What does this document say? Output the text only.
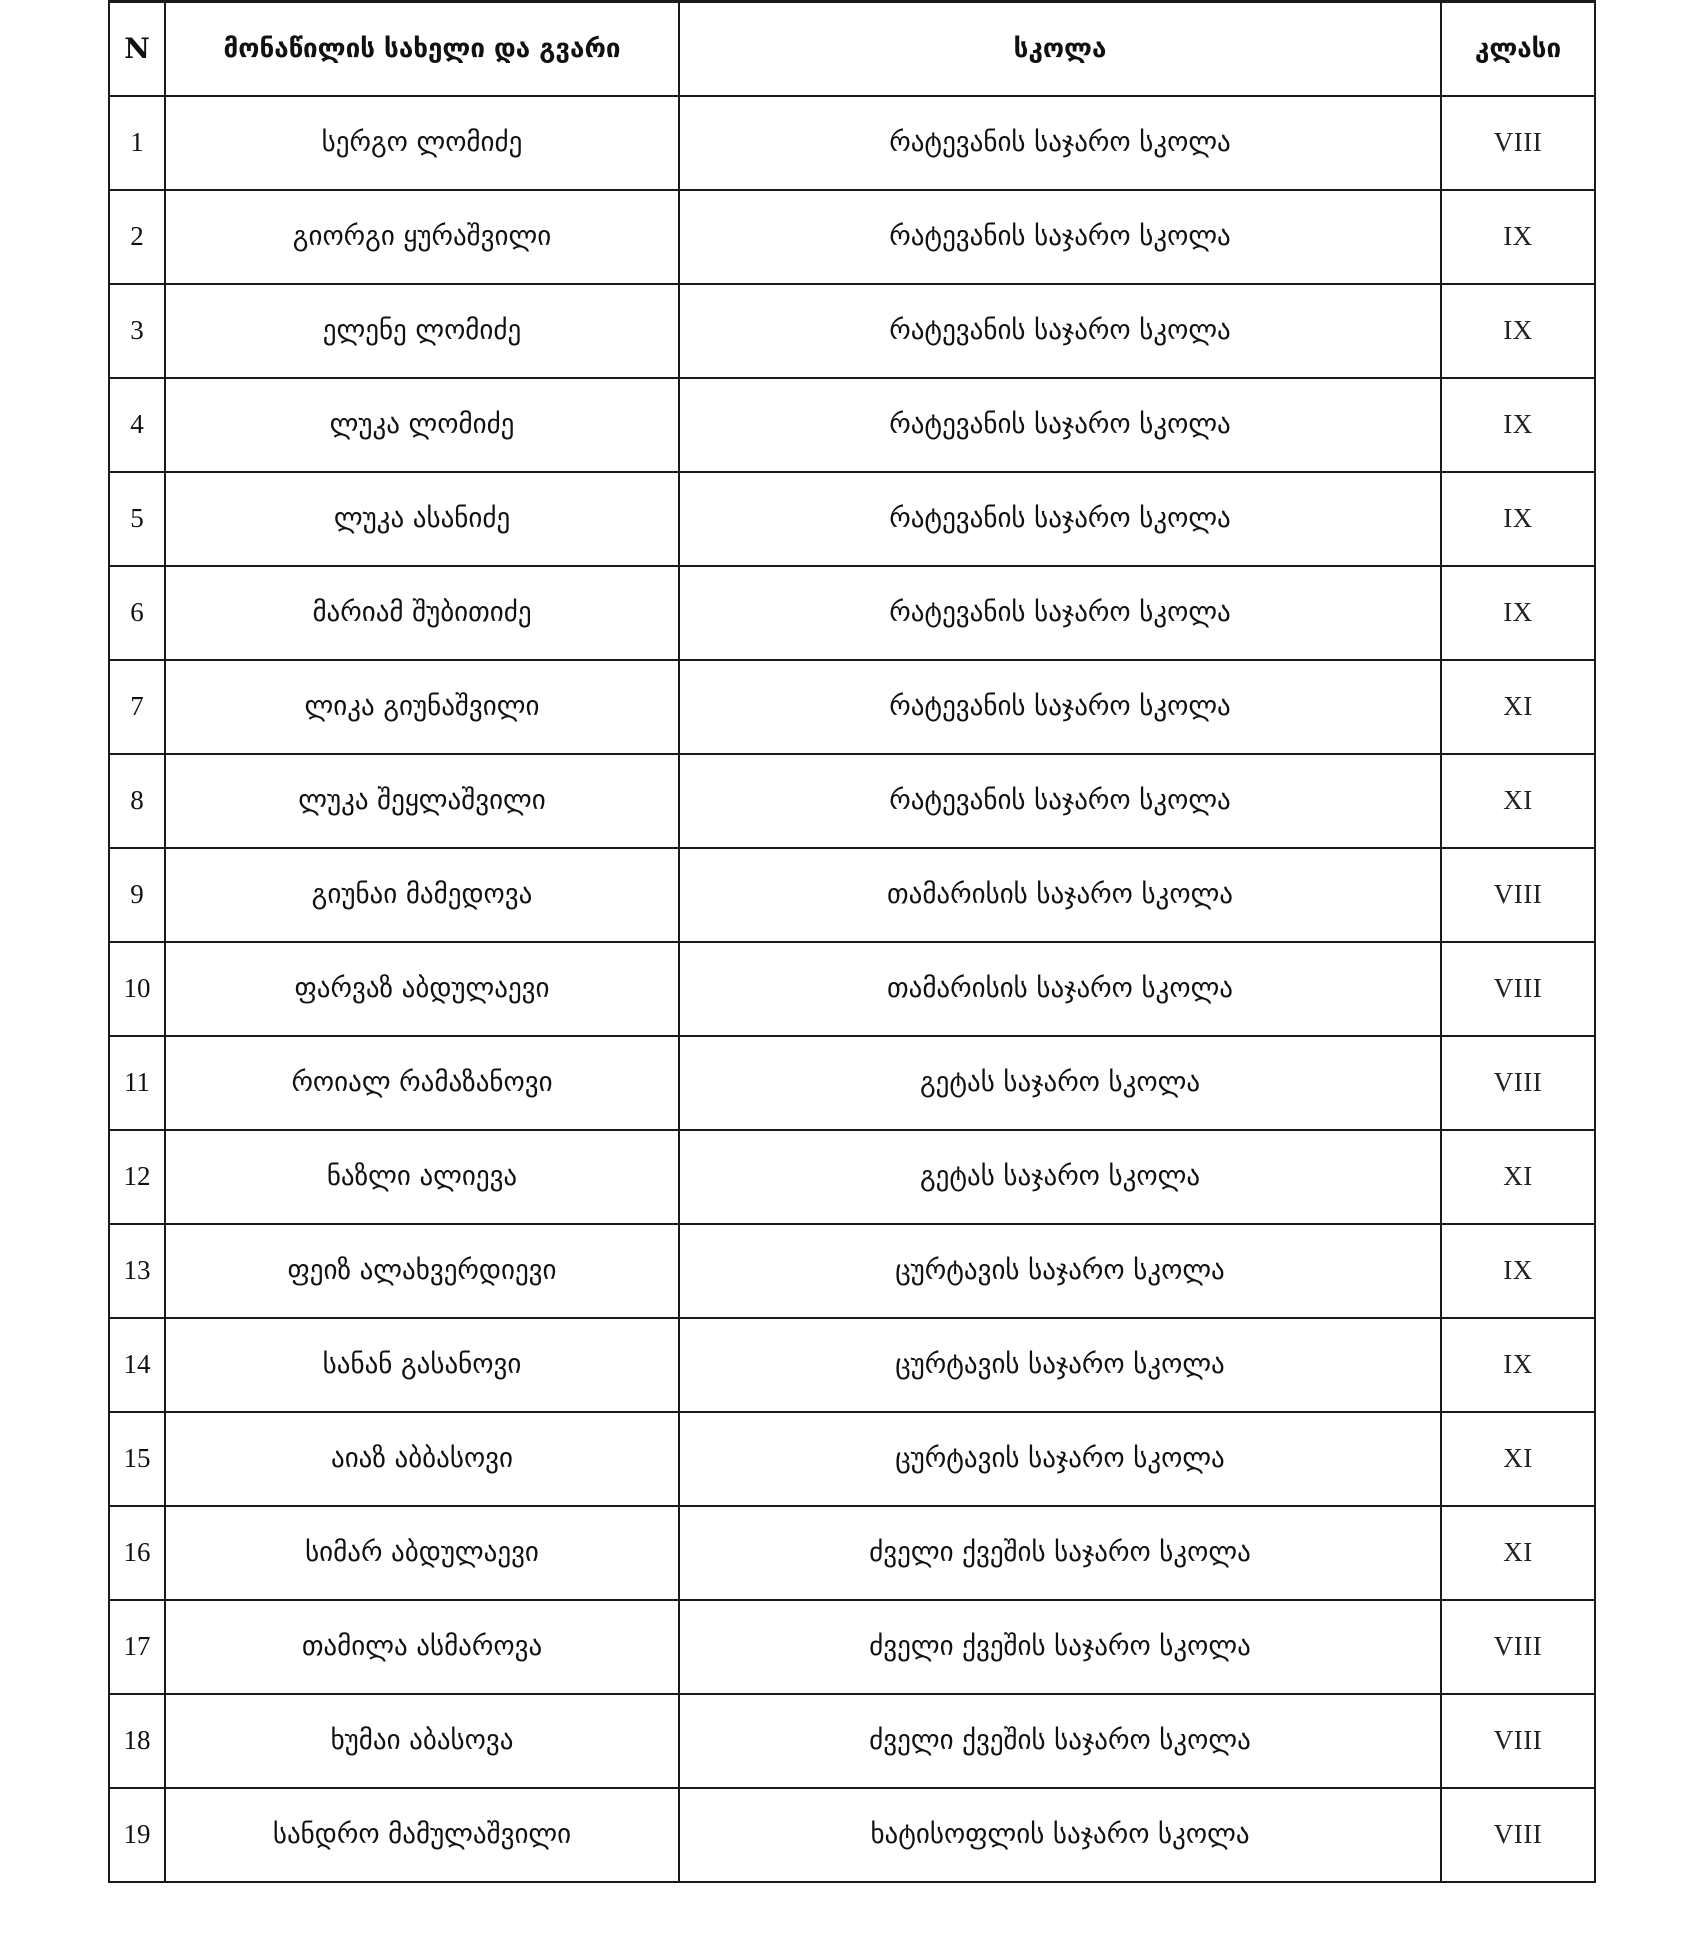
N	მონაწილის სახელი და გვარი	სკოლა	კლასი
1	სერგო ლომიძე	რატევანის საჯარო სკოლა	VIII
2	გიორგი ყურაშვილი	რატევანის საჯარო სკოლა	IX
3	ელენე ლომიძე	რატევანის საჯარო სკოლა	IX
4	ლუკა ლომიძე	რატევანის საჯარო სკოლა	IX
5	ლუკა ასანიძე	რატევანის საჯარო სკოლა	IX
6	მარიამ შუბითიძე	რატევანის საჯარო სკოლა	IX
7	ლიკა გიუნაშვილი	რატევანის საჯარო სკოლა	XI
8	ლუკა შეყლაშვილი	რატევანის საჯარო სკოლა	XI
9	გიუნაი მამედოვა	თამარისის საჯარო სკოლა	VIII
10	ფარვაზ აბდულაევი	თამარისის საჯარო სკოლა	VIII
11	როიალ რამაზანოვი	გეტას საჯარო სკოლა	VIII
12	ნაზლი ალიევა	გეტას საჯარო სკოლა	XI
13	ფეიზ ალახვერდიევი	ცურტავის საჯარო სკოლა	IX
14	სანან გასანოვი	ცურტავის საჯარო სკოლა	IX
15	აიაზ აბბასოვი	ცურტავის საჯარო სკოლა	XI
16	სიმარ აბდულაევი	ძველი ქვეშის საჯარო სკოლა	XI
17	თამილა ასმაროვა	ძველი ქვეშის საჯარო სკოლა	VIII
18	ხუმაი აბასოვა	ძველი ქვეშის საჯარო სკოლა	VIII
19	სანდრო მამულაშვილი	ხატისოფლის საჯარო სკოლა	VIII
